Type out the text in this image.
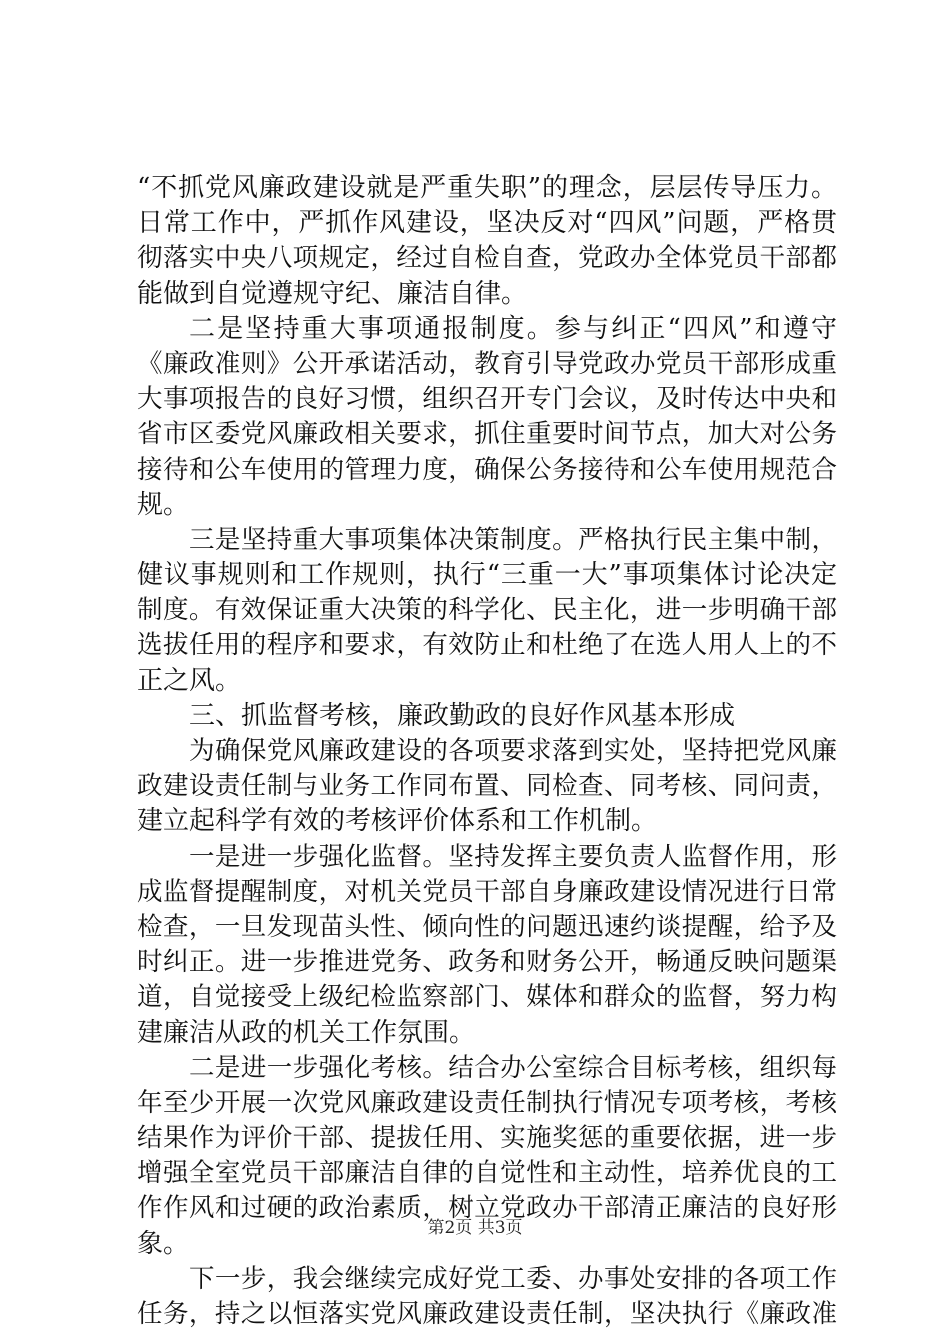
“不抓党风廉政建设就是严重失职”的理念，层层传导压力。
日常工作中，严抓作风建设，坚决反对“四风”问题，严格贯
彻落实中央八项规定，经过自检自查，党政办全体党员干部都
能做到自觉遵规守纪、廉洁自律。
二是坚持重大事项通报制度。参与纠正“四风”和遵守
《廉政准则》公开承诺活动，教育引导党政办党员干部形成重
大事项报告的良好习惯，组织召开专门会议，及时传达中央和
省市区委党风廉政相关要求，抓住重要时间节点，加大对公务
接待和公车使用的管理力度，确保公务接待和公车使用规范合
规。
三是坚持重大事项集体决策制度。严格执行民主集中制，
健议事规则和工作规则，执行“三重一大”事项集体讨论决定
制度。有效保证重大决策的科学化、民主化，进一步明确干部
选拔任用的程序和要求，有效防止和杜绝了在选人用人上的不
正之风。
三、抓监督考核，廉政勤政的良好作风基本形成
为确保党风廉政建设的各项要求落到实处，坚持把党风廉
政建设责任制与业务工作同布置、同检查、同考核、同问责，
建立起科学有效的考核评价体系和工作机制。
一是进一步强化监督。坚持发挥主要负责人监督作用，形
成监督提醒制度，对机关党员干部自身廉政建设情况进行日常
检查，一旦发现苗头性、倾向性的问题迅速约谈提醒，给予及
时纠正。进一步推进党务、政务和财务公开，畅通反映问题渠
道，自觉接受上级纪检监察部门、媒体和群众的监督，努力构
建廉洁从政的机关工作氛围。
二是进一步强化考核。结合办公室综合目标考核，组织每
年至少开展一次党风廉政建设责任制执行情况专项考核，考核
结果作为评价干部、提拔任用、实施奖惩的重要依据，进一步
增强全室党员干部廉洁自律的自觉性和主动性，培养优良的工
作作风和过硬的政治素质，树立党政办干部清正廉洁的良好形
象。
下一步，我会继续完成好党工委、办事处安排的各项工作
任务，持之以恒落实党风廉政建设责任制，坚决执行《廉政准
第2页 共3页
